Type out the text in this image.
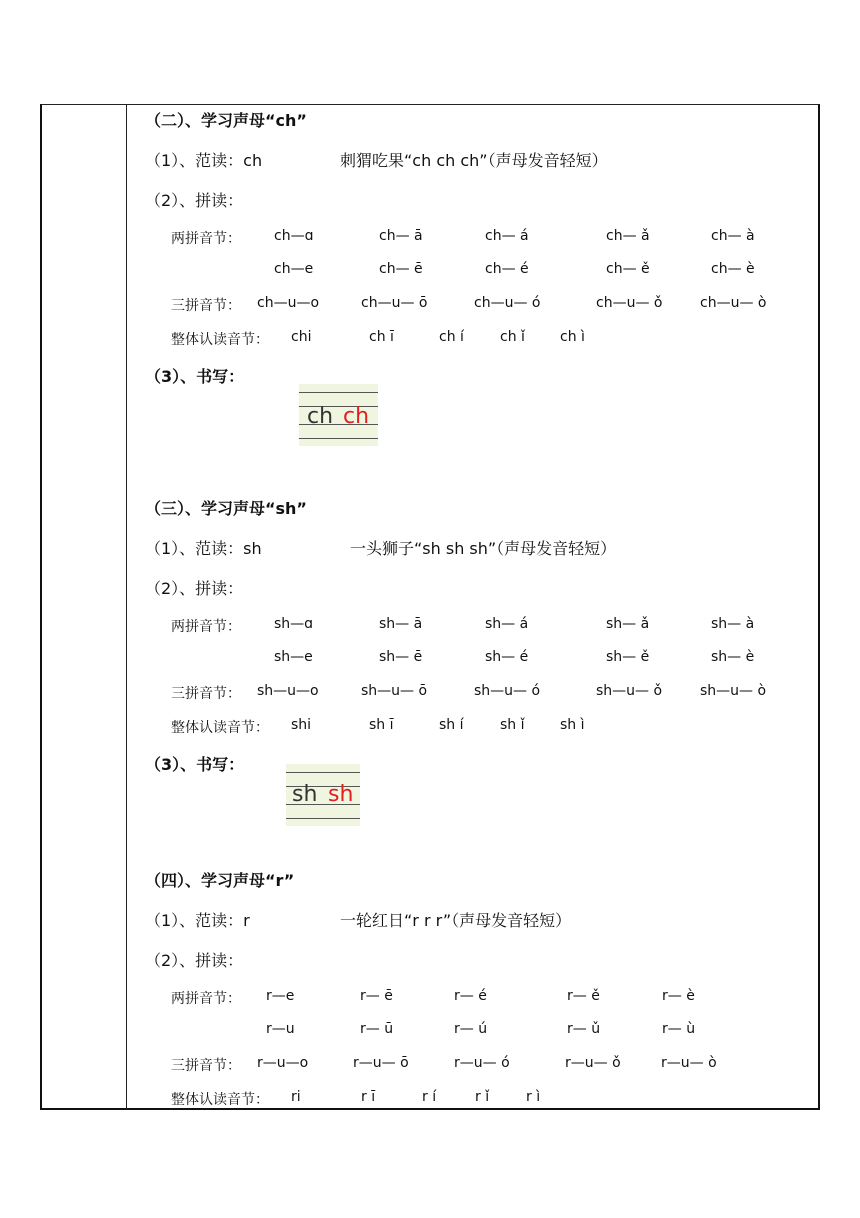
（二）、学习声母“ch”
（1）、范读：ch	刺猬吃果“ch ch ch”（声母发音轻短）
（2）、拼读：
两拼音节： ch—ɑ	ch— ā	ch— á	ch— ǎ	ch— à
ch—e	ch— ē	ch— é	ch— ě	ch— è
三拼音节： ch—u—o	ch—u— ō	ch—u— ó	ch—u— ǒ	ch—u— ò
整体认读音节： chi	ch ī	ch í	ch ǐ	ch ì
（3）、书写：
ch ch
（三）、学习声母“sh”
（1）、范读：sh	一头狮子“sh sh sh”（声母发音轻短）
（2）、拼读：
两拼音节： sh—ɑ	sh— ā	sh— á	sh— ǎ	sh— à
sh—e	sh— ē	sh— é	sh— ě	sh— è
三拼音节： sh—u—o	sh—u— ō	sh—u— ó	sh—u— ǒ	sh—u— ò
整体认读音节： shi	sh ī	sh í	sh ǐ	sh ì
（3）、书写：
sh sh
（四）、学习声母“r”
（1）、范读：r	一轮红日“r r r”（声母发音轻短）
（2）、拼读：
两拼音节： r—e	r— ē	r— é	r— ě	r— è
r—u	r— ū	r— ú	r— ǔ	r— ù
三拼音节： r—u—o	r—u— ō	r—u— ó	r—u— ǒ	r—u— ò
整体认读音节： ri	r ī	r í	r ǐ	r ì
